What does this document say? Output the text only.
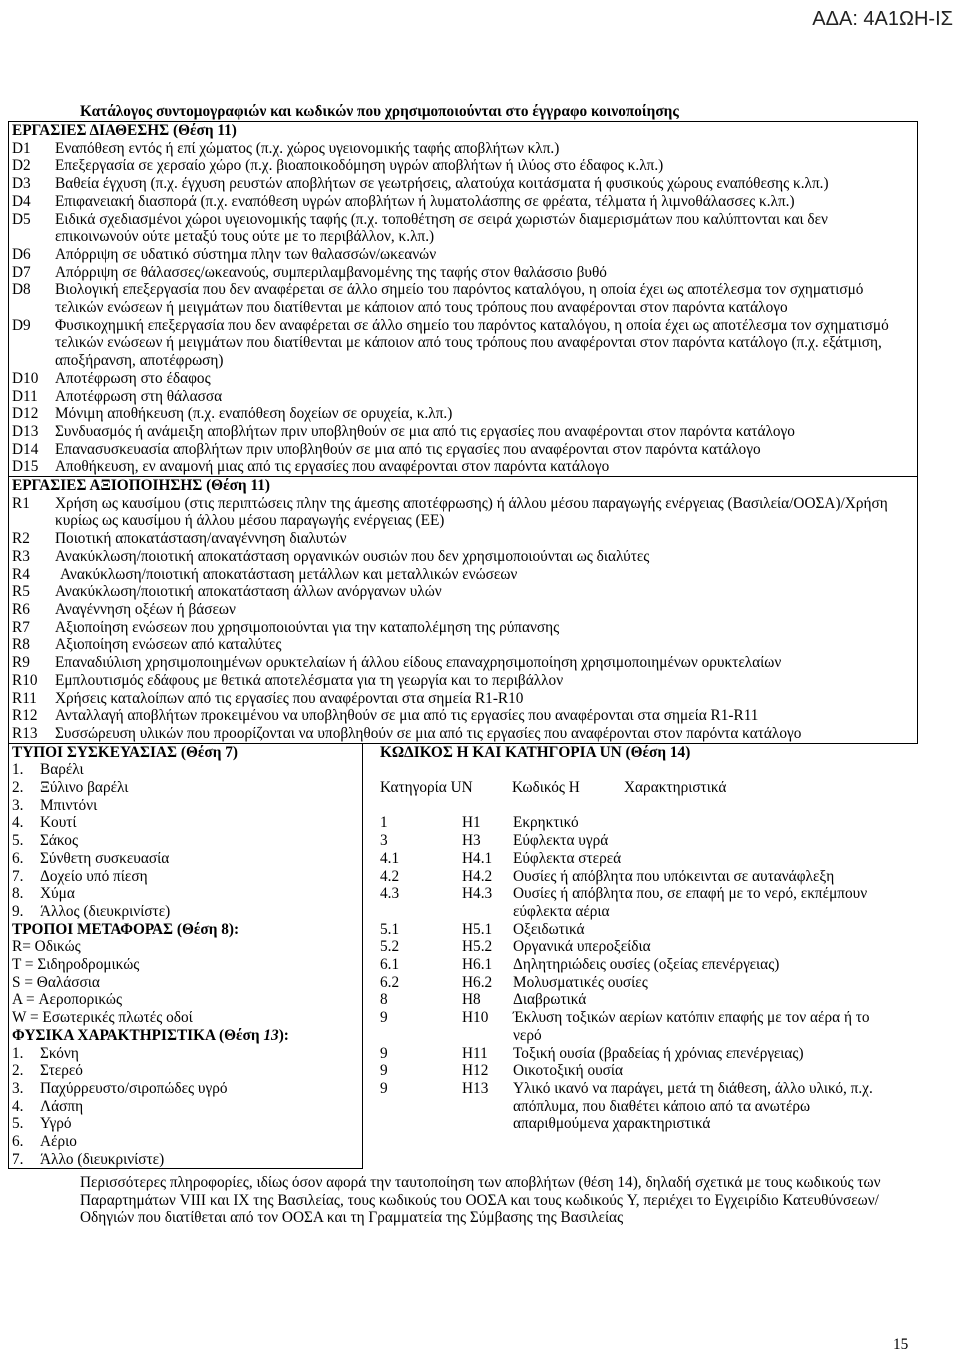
ΑΔΑ: 4Α1ΩΗ-ΙΣ
Κατάλογος συντομογραφιών και κωδικών που χρησιμοποιούνται στο έγγραφο κοινοποίησης
ΕΡΓΑΣΙΕΣ ΔΙΑΘΕΣΗΣ (Θέση 11)
D1	Εναπόθεση εντός ή επί χώματος (π.χ. χώρος υγειονομικής ταφής αποβλήτων κλπ.)
D2	Επεξεργασία σε χερσαίο χώρο (π.χ. βιοαποικοδόμηση υγρών αποβλήτων ή ιλύος στο έδαφος κ.λπ.)
D3	Βαθεία έγχυση (π.χ. έγχυση ρευστών αποβλήτων σε γεωτρήσεις, αλατούχα κοιτάσματα ή φυσικούς χώρους εναπόθεσης κ.λπ.)
D4	Επιφανειακή διασπορά (π.χ. εναπόθεση υγρών αποβλήτων ή λυματολάσπης σε φρέατα, τέλματα ή λιμνοθάλασσες κ.λπ.)
D5	Ειδικά σχεδιασμένοι χώροι υγειονομικής ταφής (π.χ. τοποθέτηση σε σειρά χωριστών διαμερισμάτων που καλύπτονται και δεν επικοινωνούν ούτε μεταξύ τους ούτε με το περιβάλλον, κ.λπ.)
D6	Απόρριψη σε υδατικό σύστημα πλην των θαλασσών/ωκεανών
D7	Απόρριψη σε θάλασσες/ωκεανούς, συμπεριλαμβανομένης της ταφής στον θαλάσσιο βυθό
D8	Βιολογική επεξεργασία που δεν αναφέρεται σε άλλο σημείο του παρόντος καταλόγου, η οποία έχει ως αποτέλεσμα τον σχηματισμό τελικών ενώσεων ή μειγμάτων που διατίθενται με κάποιον από τους τρόπους που αναφέρονται στον παρόντα κατάλογο
D9	Φυσικοχημική επεξεργασία που δεν αναφέρεται σε άλλο σημείο του παρόντος καταλόγου, η οποία έχει ως αποτέλεσμα τον σχηματισμό τελικών ενώσεων ή μειγμάτων που διατίθενται με κάποιον από τους τρόπους που αναφέρονται στον παρόντα κατάλογο (π.χ. εξάτμιση, αποξήρανση, αποτέφρωση)
D10	Αποτέφρωση στο έδαφος
D11	Αποτέφρωση στη θάλασσα
D12	Μόνιμη αποθήκευση (π.χ. εναπόθεση δοχείων σε ορυχεία, κ.λπ.)
D13	Συνδυασμός ή ανάμειξη αποβλήτων πριν υποβληθούν σε μια από τις εργασίες που αναφέρονται στον παρόντα κατάλογο
D14	Επανασυσκευασία αποβλήτων πριν υποβληθούν σε μια από τις εργασίες που αναφέρονται στον παρόντα κατάλογο
D15	Αποθήκευση, εν αναμονή μιας από τις εργασίες που αναφέρονται στον παρόντα κατάλογο
ΕΡΓΑΣΙΕΣ ΑΞΙΟΠΟΙΗΣΗΣ (Θέση 11)
R1	Χρήση ως καυσίμου (στις περιπτώσεις πλην της άμεσης αποτέφρωσης) ή άλλου μέσου παραγωγής ενέργειας (Βασιλεία/ΟΟΣΑ)/Χρήση κυρίως ως καυσίμου ή άλλου μέσου παραγωγής ενέργειας (ΕΕ)
R2	Ποιοτική αποκατάσταση/αναγέννηση διαλυτών
R3	Ανακύκλωση/ποιοτική αποκατάσταση οργανικών ουσιών που δεν χρησιμοποιούνται ως διαλύτες
R4	Ανακύκλωση/ποιοτική αποκατάσταση μετάλλων και μεταλλικών ενώσεων
R5	Ανακύκλωση/ποιοτική αποκατάσταση άλλων ανόργανων υλών
R6	Αναγέννηση οξέων ή βάσεων
R7	Αξιοποίηση ενώσεων που χρησιμοποιούνται για την καταπολέμηση της ρύπανσης
R8	Αξιοποίηση ενώσεων από καταλύτες
R9	Επαναδιύλιση χρησιμοποιημένων ορυκτελαίων ή άλλου είδους επαναχρησιμοποίηση χρησιμοποιημένων ορυκτελαίων
R10	Εμπλουτισμός εδάφους με θετικά αποτελέσματα για τη γεωργία και το περιβάλλον
R11	Χρήσεις καταλοίπων από τις εργασίες που αναφέρονται στα σημεία R1-R10
R12	Ανταλλαγή αποβλήτων προκειμένου να υποβληθούν σε μια από τις εργασίες που αναφέρονται στα σημεία R1-R11
R13	Συσσώρευση υλικών που προορίζονται να υποβληθούν σε μια από τις εργασίες που αναφέρονται στον παρόντα κατάλογο
ΤΥΠΟΙ ΣΥΣΚΕΥΑΣΙΑΣ (Θέση 7)
1.	Βαρέλι
2.	Ξύλινο βαρέλι
3.	Μπιντόνι
4.	Κουτί
5.	Σάκος
6.	Σύνθετη συσκευασία
7.	Δοχείο υπό πίεση
8.	Χύμα
9.	Άλλος (διευκρινίστε)
ΤΡΟΠΟΙ ΜΕΤΑΦΟΡΑΣ (Θέση 8):
R= Οδικώς
T = Σιδηροδρομικώς
S = Θαλάσσια
A = Αεροπορικώς
W = Εσωτερικές πλωτές οδοί
ΦΥΣΙΚΑ ΧΑΡΑΚΤΗΡΙΣΤΙΚΑ (Θέση 13):
1.	Σκόνη
2.	Στερεό
3.	Παχύρρευστο/σιροπώδες υγρό
4.	Λάσπη
5.	Υγρό
6.	Αέριο
7.	Άλλο (διευκρινίστε)
ΚΩΔΙΚΟΣ Η ΚΑΙ ΚΑΤΗΓΟΡΙΑ UN (Θέση 14)
Κατηγορία UN	Κωδικός Η	Χαρακτηριστικά
1	H1	Εκρηκτικό
3	H3	Εύφλεκτα υγρά
4.1	H4.1	Εύφλεκτα στερεά
4.2	H4.2	Ουσίες ή απόβλητα που υπόκεινται σε αυτανάφλεξη
4.3	H4.3	Ουσίες ή απόβλητα που, σε επαφή με το νερό, εκπέμπουν εύφλεκτα αέρια
5.1	H5.1	Οξειδωτικά
5.2	H5.2	Οργανικά υπεροξείδια
6.1	H6.1	Δηλητηριώδεις ουσίες (οξείας επενέργειας)
6.2	H6.2	Μολυσματικές ουσίες
8	H8	Διαβρωτικά
9	H10	Έκλυση τοξικών αερίων κατόπιν επαφής με τον αέρα ή το νερό
9	H11	Τοξική ουσία (βραδείας ή χρόνιας επενέργειας)
9	H12	Οικοτοξική ουσία
9	H13	Υλικό ικανό να παράγει, μετά τη διάθεση, άλλο υλικό, π.χ. απόπλυμα, που διαθέτει κάποιο από τα ανωτέρω απαριθμούμενα χαρακτηριστικά
Περισσότερες πληροφορίες, ιδίως όσον αφορά την ταυτοποίηση των αποβλήτων (θέση 14), δηλαδή σχετικά με τους κωδικούς των Παραρτημάτων VIII και IX της Βασιλείας, τους κωδικούς του ΟΟΣΑ και τους κωδικούς Y, περιέχει το Εγχειρίδιο Κατευθύνσεων/Οδηγιών που διατίθεται από τον ΟΟΣΑ και τη Γραμματεία της Σύμβασης της Βασιλείας
15
